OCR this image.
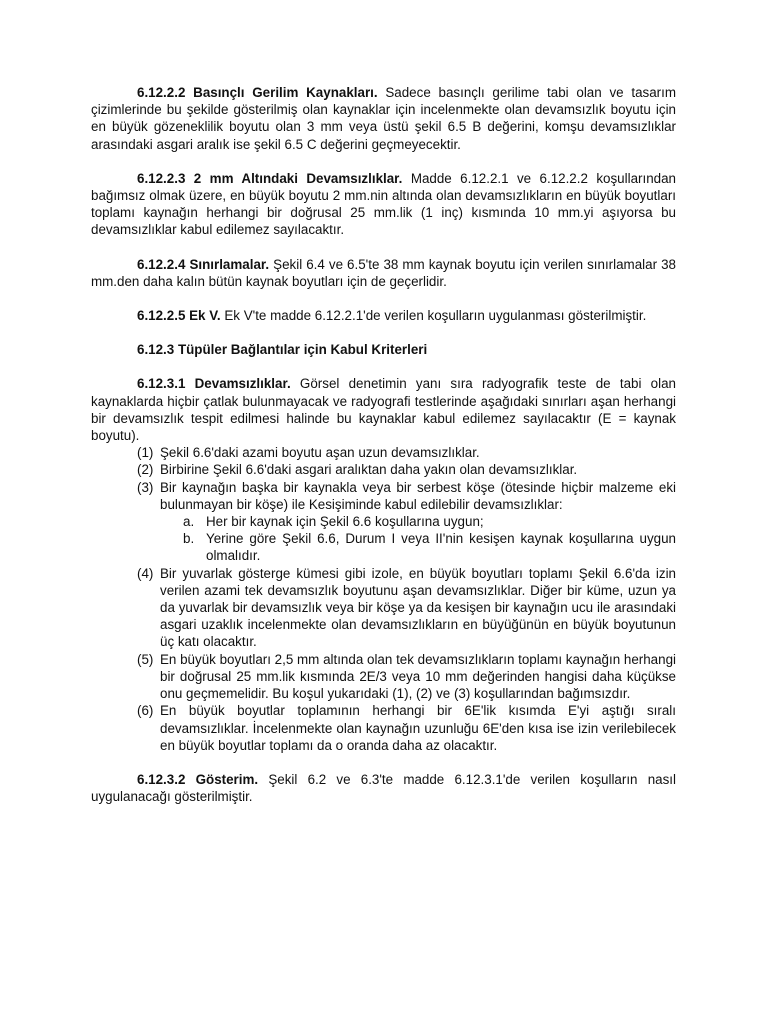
6.12.2.2 Basınçlı Gerilim Kaynakları. Sadece basınçlı gerilime tabi olan ve tasarım çizimlerinde bu şekilde gösterilmiş olan kaynaklar için incelenmekte olan devamsızlık boyutu için en büyük gözeneklilik boyutu olan 3 mm veya üstü şekil 6.5 B değerini, komşu devamsızlıklar arasındaki asgari aralık ise şekil 6.5 C değerini geçmeyecektir.

6.12.2.3 2 mm Altındaki Devamsızlıklar. Madde 6.12.2.1 ve 6.12.2.2 koşullarından bağımsız olmak üzere, en büyük boyutu 2 mm.nin altında olan devamsızlıkların en büyük boyutları toplamı kaynağın herhangi bir doğrusal 25 mm.lik (1 inç) kısmında 10 mm.yi aşıyorsa bu devamsızlıklar kabul edilemez sayılacaktır.

6.12.2.4 Sınırlamalar. Şekil 6.4 ve 6.5'te 38 mm kaynak boyutu için verilen sınırlamalar 38 mm.den daha kalın bütün kaynak boyutları için de geçerlidir.

6.12.2.5 Ek V. Ek V'te madde 6.12.2.1'de verilen koşulların uygulanması gösterilmiştir.

6.12.3 Tüpüler Bağlantılar için Kabul Kriterleri

6.12.3.1 Devamsızlıklar. Görsel denetimin yanı sıra radyografik teste de tabi olan kaynaklarda hiçbir çatlak bulunmayacak ve radyografi testlerinde aşağıdaki sınırları aşan herhangi bir devamsızlık tespit edilmesi halinde bu kaynaklar kabul edilemez sayılacaktır (E = kaynak boyutu).

(1) Şekil 6.6'daki azami boyutu aşan uzun devamsızlıklar.
(2) Birbirine Şekil 6.6'daki asgari aralıktan daha yakın olan devamsızlıklar.
(3) Bir kaynağın başka bir kaynakla veya bir serbest köşe (ötesinde hiçbir malzeme eki bulunmayan bir köşe) ile Kesişiminde kabul edilebilir devamsızlıklar:
a. Her bir kaynak için Şekil 6.6 koşullarına uygun;
b. Yerine göre Şekil 6.6, Durum I veya II'nin kesişen kaynak koşullarına uygun olmalıdır.
(4) Bir yuvarlak gösterge kümesi gibi izole, en büyük boyutları toplamı Şekil 6.6'da izin verilen azami tek devamsızlık boyutunu aşan devamsızlıklar. Diğer bir küme, uzun ya da yuvarlak bir devamsızlık veya bir köşe ya da kesişen bir kaynağın ucu ile arasındaki asgari uzaklık incelenmekte olan devamsızlıkların en büyüğünün en büyük boyutunun üç katı olacaktır.
(5) En büyük boyutları 2,5 mm altında olan tek devamsızlıkların toplamı kaynağın herhangi bir doğrusal 25 mm.lik kısmında 2E/3 veya 10 mm değerinden hangisi daha küçükse onu geçmemelidir. Bu koşul yukarıdaki (1), (2) ve (3) koşullarından bağımsızdır.
(6) En büyük boyutlar toplamının herhangi bir 6E'lik kısımda E'yi aştığı sıralı devamsızlıklar. İncelenmekte olan kaynağın uzunluğu 6E'den kısa ise izin verilebilecek en büyük boyutlar toplamı da o oranda daha az olacaktır.

6.12.3.2 Gösterim. Şekil 6.2 ve 6.3'te madde 6.12.3.1'de verilen koşulların nasıl uygulanacağı gösterilmiştir.
